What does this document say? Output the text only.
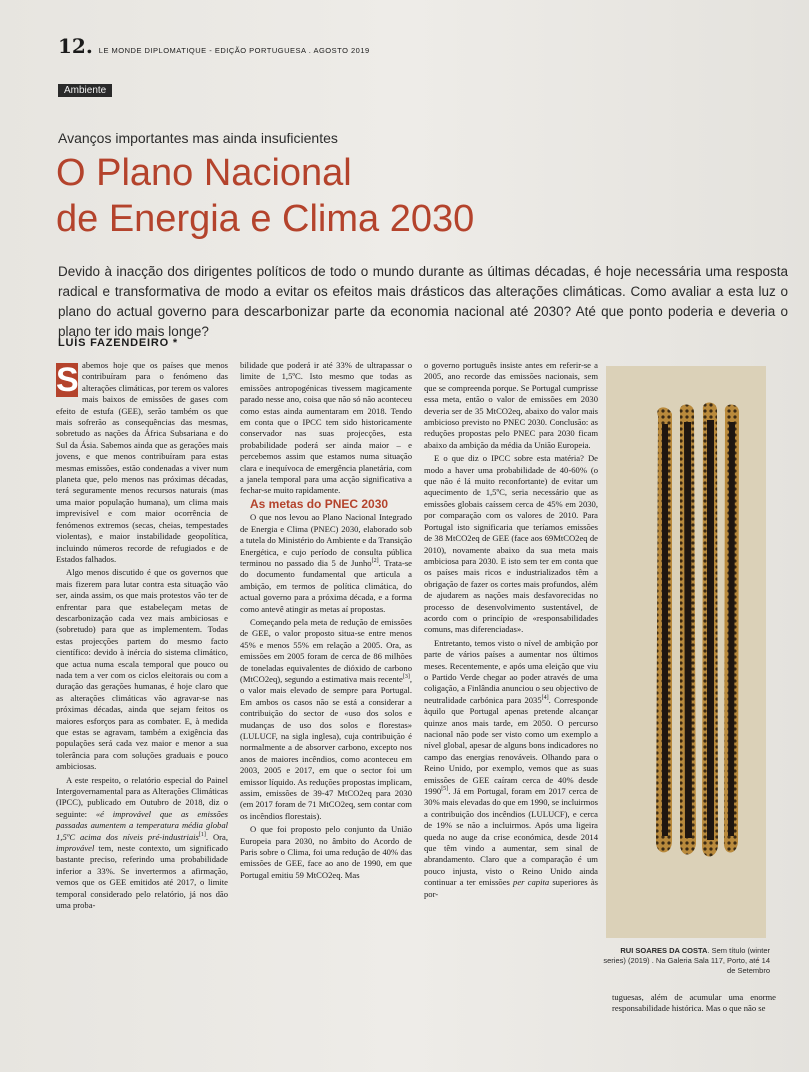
12. LE MONDE DIPLOMATIQUE - EDIÇÃO PORTUGUESA . AGOSTO 2019
Ambiente
Avanços importantes mas ainda insuficientes
O Plano Nacional
de Energia e Clima 2030
Devido à inacção dos dirigentes políticos de todo o mundo durante as últimas décadas, é hoje necessária uma resposta radical e transformativa de modo a evitar os efeitos mais drásticos das alterações climáticas. Como avaliar a esta luz o plano do actual governo para descarbonizar parte da economia nacional até 2030? Até que ponto poderia e deveria o plano ter ido mais longe?
LUÍS FAZENDEIRO *

S abemos hoje que os países que menos contribuíram para o fenómeno das alterações climáticas, por terem os valores mais baixos de emissões de gases com efeito de estufa (GEE), serão também os que mais sofrerão as consequências das mesmas, sobretudo as nações da África Subsariana e do Sul da Ásia. Sabemos ainda que as gerações mais jovens, e que menos contribuíram para estas mesmas emissões, estão condenadas a viver num planeta que, pelo menos nas próximas décadas, terá seguramente menos recursos naturais (mas uma maior população humana), um clima mais imprevisível e com maior ocorrência de fenómenos extremos (secas, cheias, tempestades violentas), e maior instabilidade geopolítica, incluindo números recorde de refugiados e de Estados falhados.

Algo menos discutido é que os governos que mais fizerem para lutar contra esta situação vão ser, ainda assim, os que mais protestos vão ter de enfrentar para que estabeleçam metas de descarbonização cada vez mais ambiciosas e (sobretudo) para que as implementem. Todas estas projecções partem do mesmo facto científico: devido à inércia do sistema climático, que actua numa escala temporal que pouco ou nada tem a ver com os ciclos eleitorais ou com a duração das gerações humanas, é hoje claro que as alterações climáticas vão agravar-se nas próximas décadas, ainda que sejam feitos os maiores esforços para as combater. E, à medida que estas se agravam, também a exigência das populações será cada vez maior e menor a sua tolerância para com soluções graduais e pouco ambiciosas.

A este respeito, o relatório especial do Painel Intergovernamental para as Alterações Climáticas (IPCC), publicado em Outubro de 2018, diz o seguinte: «é improvável que as emissões passadas aumentem a temperatura média global 1,5ºC acima dos níveis pré-industriais[1]. Ora, improvável tem, neste contexto, um significado bastante preciso, referindo uma probabilidade inferior a 33%. Se invertermos a afirmação, vemos que os GEE emitidos até 2017, o limite temporal considerado pelo relatório, já nos dão uma proba-

bilidade que poderá ir até 33% de ultrapassar o limite de 1,5ºC. Isto mesmo que todas as emissões antropogénicas tivessem magicamente parado nesse ano, coisa que não só não aconteceu como estas ainda aumentaram em 2018. Tendo em conta que o IPCC tem sido historicamente conservador nas suas projecções, esta probabilidade poderá ser ainda maior – e percebemos assim que estamos numa situação clara e inequívoca de emergência planetária, com a janela temporal para uma acção significativa a fechar-se muito rapidamente.

As metas do PNEC 2030

O que nos levou ao Plano Nacional Integrado de Energia e Clima (PNEC) 2030, elaborado sob a tutela do Ministério do Ambiente e da Transição Energética, e cujo período de consulta pública terminou no passado dia 5 de Junho[2]. Trata-se do documento fundamental que articula a ambição, em termos de política climática, do actual governo para a próxima década, e a forma como antevê atingir as metas aí propostas.

Começando pela meta de redução de emissões de GEE, o valor proposto situa-se entre menos 45% e menos 55% em relação a 2005. Ora, as emissões em 2005 foram de cerca de 86 milhões de toneladas equivalentes de dióxido de carbono (MtCO2eq), segundo a estimativa mais recente[3], o valor mais elevado de sempre para Portugal. Em ambos os casos não se está a considerar a contribuição do sector de «uso dos solos e mudanças de uso dos solos e florestas» (LULUCF, na sigla inglesa), cuja contribuição é normalmente a de absorver carbono, excepto nos anos de maiores incêndios, como aconteceu em 2003, 2005 e 2017, em que o sector foi um emissor líquido. As reduções propostas implicam, assim, emissões de 39-47 MtCO2eq para 2030 (em 2017 foram de 71 MtCO2eq, sem contar com os incêndios florestais).

O que foi proposto pelo conjunto da União Europeia para 2030, no âmbito do Acordo de Paris sobre o Clima, foi uma redução de 40% das emissões de GEE, face ao ano de 1990, em que Portugal emitiu 59 MtCO2eq. Mas

o governo português insiste antes em referir-se a 2005, ano recorde das emissões nacionais, sem que se compreenda porque. Se Portugal cumprisse essa meta, então o valor de emissões em 2030 deveria ser de 35 MtCO2eq, abaixo do valor mais ambicioso previsto no PNEC 2030. Conclusão: as reduções propostas pelo PNEC para 2030 ficam abaixo da ambição da média da União Europeia.

E o que diz o IPCC sobre esta matéria? De modo a haver uma probabilidade de 40-60% (o que não é lá muito reconfortante) de evitar um aquecimento de 1,5ºC, seria necessário que as emissões globais caíssem cerca de 45% em 2030, por comparação com os valores de 2010. Para Portugal isto significaria que teríamos emissões de 38 MtCO2eq de GEE (face aos 69MtCO2eq de 2010), novamente abaixo da sua meta mais ambiciosa para 2030. E isto sem ter em conta que os países mais ricos e industrializados têm a obrigação de fazer os cortes mais profundos, além de ajudarem as nações mais desfavorecidas no processo de desenvolvimento sustentável, de acordo com o princípio de «responsabilidades comuns, mas diferenciadas».

Entretanto, temos visto o nível de ambição por parte de vários países a aumentar nos últimos meses. Recentemente, e após uma eleição que viu o Partido Verde chegar ao poder através de uma coligação, a Finlândia anunciou o seu objectivo de neutralidade carbónica para 2035[4]. Corresponde àquilo que Portugal apenas pretende alcançar quinze anos mais tarde, em 2050. O percurso nacional não pode ser visto como um exemplo a nível global, apesar de alguns bons indicadores no campo das energias renováveis. Olhando para o Reino Unido, por exemplo, vemos que as suas emissões de GEE caíram cerca de 40% desde 1990[5]. Já em Portugal, foram em 2017 cerca de 30% mais elevadas do que em 1990, se incluirmos a contribuição dos incêndios (LULUCF), e cerca de 19% se não a incluirmos. Após uma ligeira queda no auge da crise económica, desde 2014 que têm vindo a aumentar, sem sinal de abrandamento. Claro que a comparação é um pouco injusta, visto o Reino Unido ainda continuar a ter emissões per capita superiores às por-

RUI SOARES DA COSTA. Sem título (winter series) (2019) . Na Galeria Sala 117, Porto, até 14 de Setembro

tuguesas, além de acumular uma enorme responsabilidade histórica. Mas o que não se
